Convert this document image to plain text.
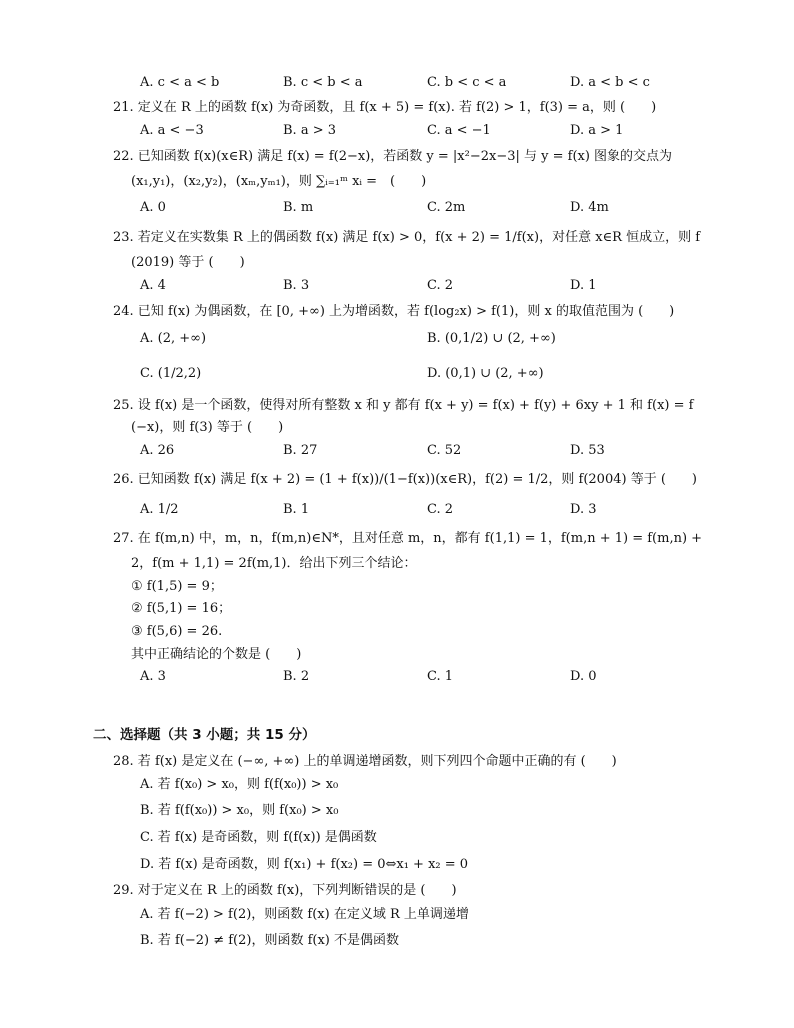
A. c < a < b	B. c < b < a	C. b < c < a	D. a < b < c
21. 定义在 R 上的函数 f(x) 为奇函数，且 f(x + 5) = f(x). 若 f(2) > 1，f(3) = a，则 (　　)
A. a < −3	B. a > 3	C. a < −1	D. a > 1
22. 已知函数 f(x)(x∈R) 满足 f(x) = f(2−x)，若函数 y = |x²−2x−3| 与 y = f(x) 图象的交点为
(x₁,y₁)，(x₂,y₂)，(xₘ,yₘ₁)，则 ∑ᵢ₌₁ᵐ xᵢ =　(　　)
A. 0	B. m	C. 2m	D. 4m
23. 若定义在实数集 R 上的偶函数 f(x) 满足 f(x) > 0，f(x + 2) = 1/f(x)，对任意 x∈R 恒成立，则 f
(2019) 等于 (　　)
A. 4	B. 3	C. 2	D. 1
24. 已知 f(x) 为偶函数，在 [0, +∞) 上为增函数，若 f(log₂x) > f(1)，则 x 的取值范围为 (　　)
A. (2, +∞)	B. (0,1/2) ∪ (2, +∞)
C. (1/2,2)	D. (0,1) ∪ (2, +∞)
25. 设 f(x) 是一个函数，使得对所有整数 x 和 y 都有 f(x + y) = f(x) + f(y) + 6xy + 1 和 f(x) = f
(−x)，则 f(3) 等于 (　　)
A. 26	B. 27	C. 52	D. 53
26. 已知函数 f(x) 满足 f(x + 2) = (1 + f(x))/(1−f(x))(x∈R)，f(2) = 1/2，则 f(2004) 等于 (　　)
A. 1/2	B. 1	C. 2	D. 3
27. 在 f(m,n) 中，m，n，f(m,n)∈N*，且对任意 m，n，都有 f(1,1) = 1，f(m,n + 1) = f(m,n) +
2，f(m + 1,1) = 2f(m,1)．给出下列三个结论：
① f(1,5) = 9；
② f(5,1) = 16；
③ f(5,6) = 26.
其中正确结论的个数是 (　　)
A. 3	B. 2	C. 1	D. 0
二、选择题（共 3 小题；共 15 分）
28. 若 f(x) 是定义在 (−∞, +∞) 上的单调递增函数，则下列四个命题中正确的有 (　　)
A. 若 f(x₀) > x₀，则 f(f(x₀)) > x₀
B. 若 f(f(x₀)) > x₀，则 f(x₀) > x₀
C. 若 f(x) 是奇函数，则 f(f(x)) 是偶函数
D. 若 f(x) 是奇函数，则 f(x₁) + f(x₂) = 0⇔x₁ + x₂ = 0
29. 对于定义在 R 上的函数 f(x)，下列判断错误的是 (　　)
A. 若 f(−2) > f(2)，则函数 f(x) 在定义域 R 上单调递增
B. 若 f(−2) ≠ f(2)，则函数 f(x) 不是偶函数
